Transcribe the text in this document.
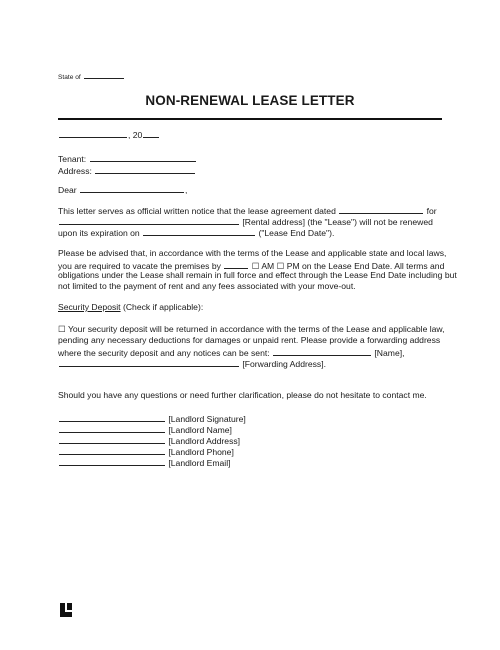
State of
NON-RENEWAL LEASE LETTER
, 20
Tenant:
Address:
Dear	,
This letter serves as official written notice that the lease agreement dated	for
[Rental address] (the "Lease") will not be renewed
upon its expiration on	("Lease End Date").
Please be advised that, in accordance with the terms of the Lease and applicable state and local laws,
you are required to vacate the premises by	☐ AM ☐ PM on the Lease End Date. All terms and
obligations under the Lease shall remain in full force and effect through the Lease End Date including but
not limited to the payment of rent and any fees associated with your move-out.
Security Deposit (Check if applicable):
☐ Your security deposit will be returned in accordance with the terms of the Lease and applicable law,
pending any necessary deductions for damages or unpaid rent. Please provide a forwarding address
where the security deposit and any notices can be sent:	[Name],
[Forwarding Address].
Should you have any questions or need further clarification, please do not hesitate to contact me.
[Landlord Signature]
[Landlord Name]
[Landlord Address]
[Landlord Phone]
[Landlord Email]
